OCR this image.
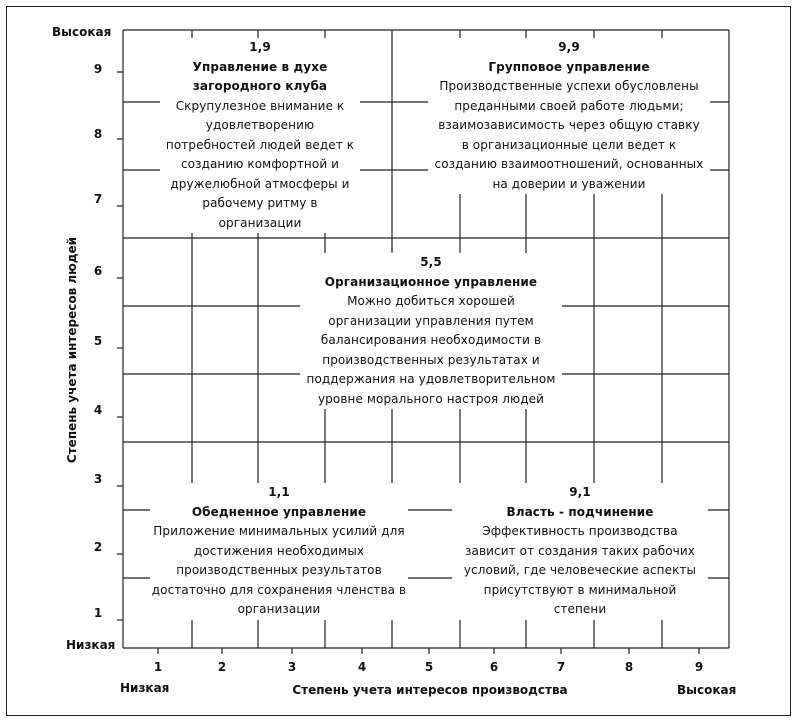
Высокая
Низкая
Низкая	Высокая
Степень учета интересов людей
Степень учета интересов производства
9
8
7
6
5
4
3
2
1
1	2	3	4	5	6	7	8	9
1,9
Управление в духе загородного клуба
Скрупулезное внимание к удовлетворению потребностей людей ведет к созданию комфортной и дружелюбной атмосферы и рабочему ритму в организации
9,9
Групповое управление
Производственные успехи обусловлены преданными своей работе людьми; взаимозависимость через общую ставку в организационные цели ведет к созданию взаимоотношений, основанных на доверии и уважении
5,5
Организационное управление
Можно добиться хорошей организации управления путем балансирования необходимости в производственных результатах и поддержания на удовлетворительном уровне морального настроя людей
1,1
Обедненное управление
Приложение минимальных усилий для достижения необходимых производственных результатов достаточно для сохранения членства в организации
9,1
Власть - подчинение
Эффективность производства зависит от создания таких рабочих условий, где человеческие аспекты присутствуют в минимальной степени
